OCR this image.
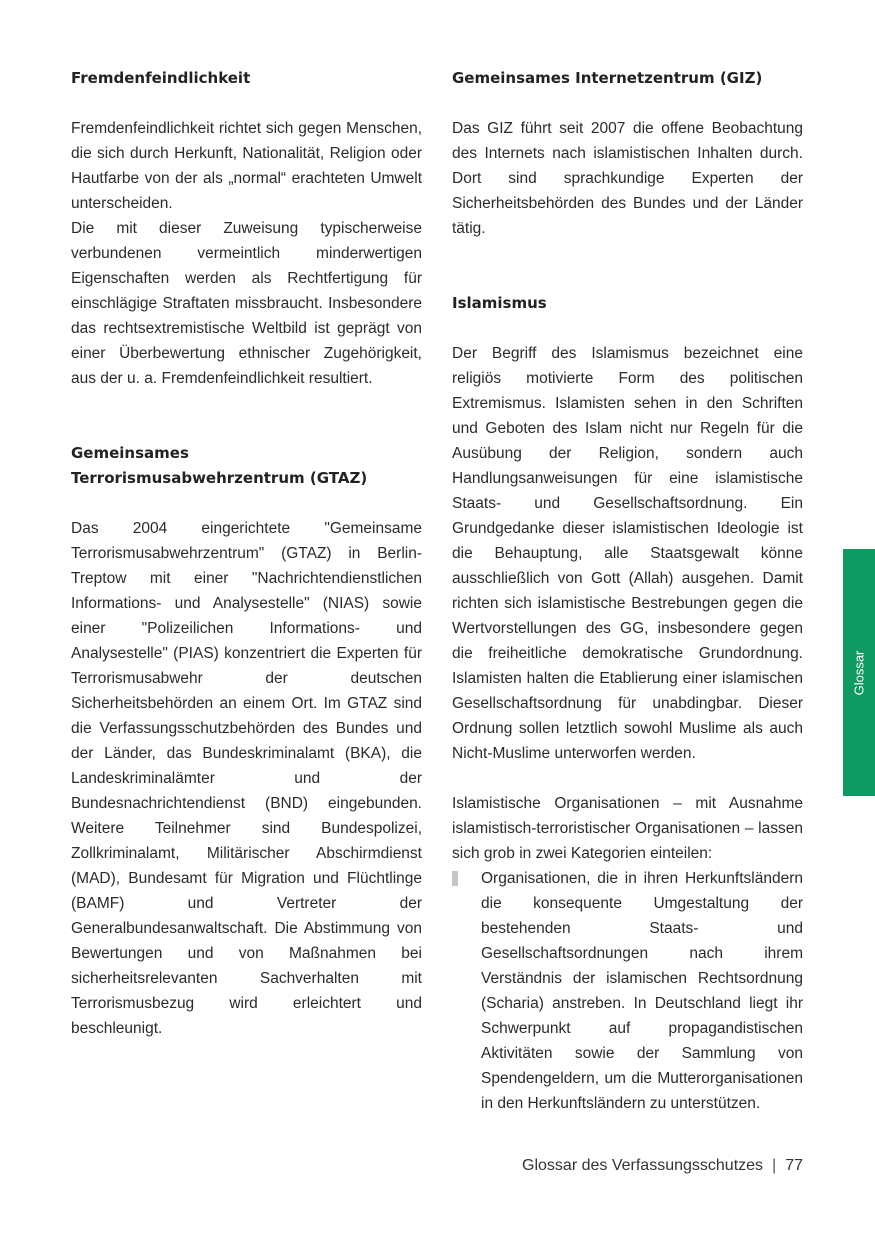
Fremdenfeindlichkeit

Fremdenfeindlichkeit richtet sich gegen Menschen, die sich durch Herkunft, Nationalität, Religion oder Hautfarbe von der als „normal“ erachteten Umwelt unterscheiden.

Die mit dieser Zuweisung typischerweise verbundenen vermeintlich minderwertigen Eigenschaften werden als Rechtfertigung für einschlägige Straftaten missbraucht. Insbesondere das rechtsextremistische Weltbild ist geprägt von einer Überbewertung ethnischer Zugehörigkeit, aus der u. a. Fremdenfeindlichkeit resultiert.

Gemeinsames Terrorismusabwehrzentrum (GTAZ)

Das 2004 eingerichtete "Gemeinsame Terrorismusabwehrzentrum" (GTAZ) in Berlin-Treptow mit einer "Nachrichtendienstlichen Informations- und Analysestelle" (NIAS) sowie einer "Polizeilichen Informations- und Analysestelle" (PIAS) konzentriert die Experten für Terrorismusabwehr der deutschen Sicherheitsbehörden an einem Ort. Im GTAZ sind die Verfassungsschutzbehörden des Bundes und der Länder, das Bundeskriminalamt (BKA), die Landeskriminalämter und der Bundesnachrichtendienst (BND) eingebunden. Weitere Teilnehmer sind Bundespolizei, Zollkriminalamt, Militärischer Abschirmdienst (MAD), Bundesamt für Migration und Flüchtlinge (BAMF) und Vertreter der Generalbundesanwaltschaft. Die Abstimmung von Bewertungen und von Maßnahmen bei sicherheitsrelevanten Sachverhalten mit Terrorismusbezug wird erleichtert und beschleunigt.

Gemeinsames Internetzentrum (GIZ)

Das GIZ führt seit 2007 die offene Beobachtung des Internets nach islamistischen Inhalten durch. Dort sind sprachkundige Experten der Sicherheitsbehörden des Bundes und der Länder tätig.

Islamismus

Der Begriff des Islamismus bezeichnet eine religiös motivierte Form des politischen Extremismus. Islamisten sehen in den Schriften und Geboten des Islam nicht nur Regeln für die Ausübung der Religion, sondern auch Handlungsanweisungen für eine islamistische Staats- und Gesellschaftsordnung. Ein Grundgedanke dieser islamistischen Ideologie ist die Behauptung, alle Staatsgewalt könne ausschließlich von Gott (Allah) ausgehen. Damit richten sich islamistische Bestrebungen gegen die Wertvorstellungen des GG, insbesondere gegen die freiheitliche demokratische Grundordnung. Islamisten halten die Etablierung einer islamischen Gesellschaftsordnung für unabdingbar. Dieser Ordnung sollen letztlich sowohl Muslime als auch Nicht-Muslime unterworfen werden.

Islamistische Organisationen – mit Ausnahme islamistisch-terroristischer Organisationen – lassen sich grob in zwei Kategorien einteilen:

Organisationen, die in ihren Herkunftsländern die konsequente Umgestaltung der bestehenden Staats- und Gesellschaftsordnungen nach ihrem Verständnis der islamischen Rechtsordnung (Scharia) anstreben. In Deutschland liegt ihr Schwerpunkt auf propagandistischen Aktivitäten sowie der Sammlung von Spendengeldern, um die Mutterorganisationen in den Herkunftsländern zu unterstützen.

Glossar
Glossar des Verfassungsschutzes | 77
